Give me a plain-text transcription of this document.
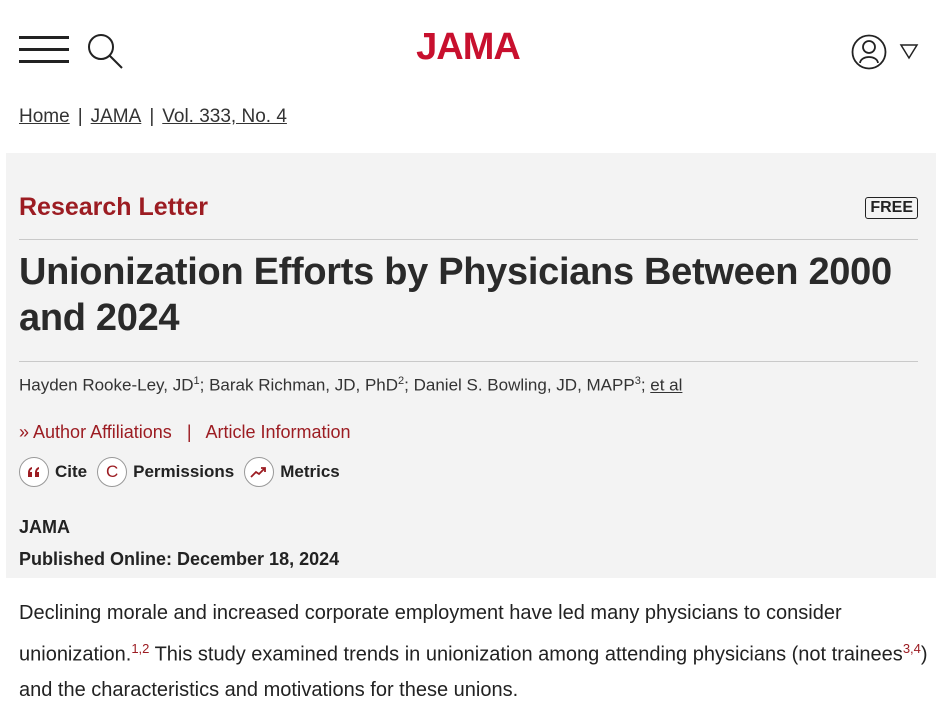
JAMA
Home | JAMA | Vol. 333, No. 4
Research Letter	FREE
Unionization Efforts by Physicians Between 2000 and 2024
Hayden Rooke-Ley, $JD^1$; Barak Richman, JD, PhD$^2$; Daniel S. Bowling, JD, MAPP$^3$; et al
» Author Affiliations | Article Information
Cite C Permissions	Metrics
JAMA
Published Online: December 18, 2024

Declining morale and increased corporate employment have led many physicians to consider unionization.$^{1,2}$ This study examined trends in unionization among attending physicians (not trainees$^{3,4}$) and the characteristics and motivations for these unions.
